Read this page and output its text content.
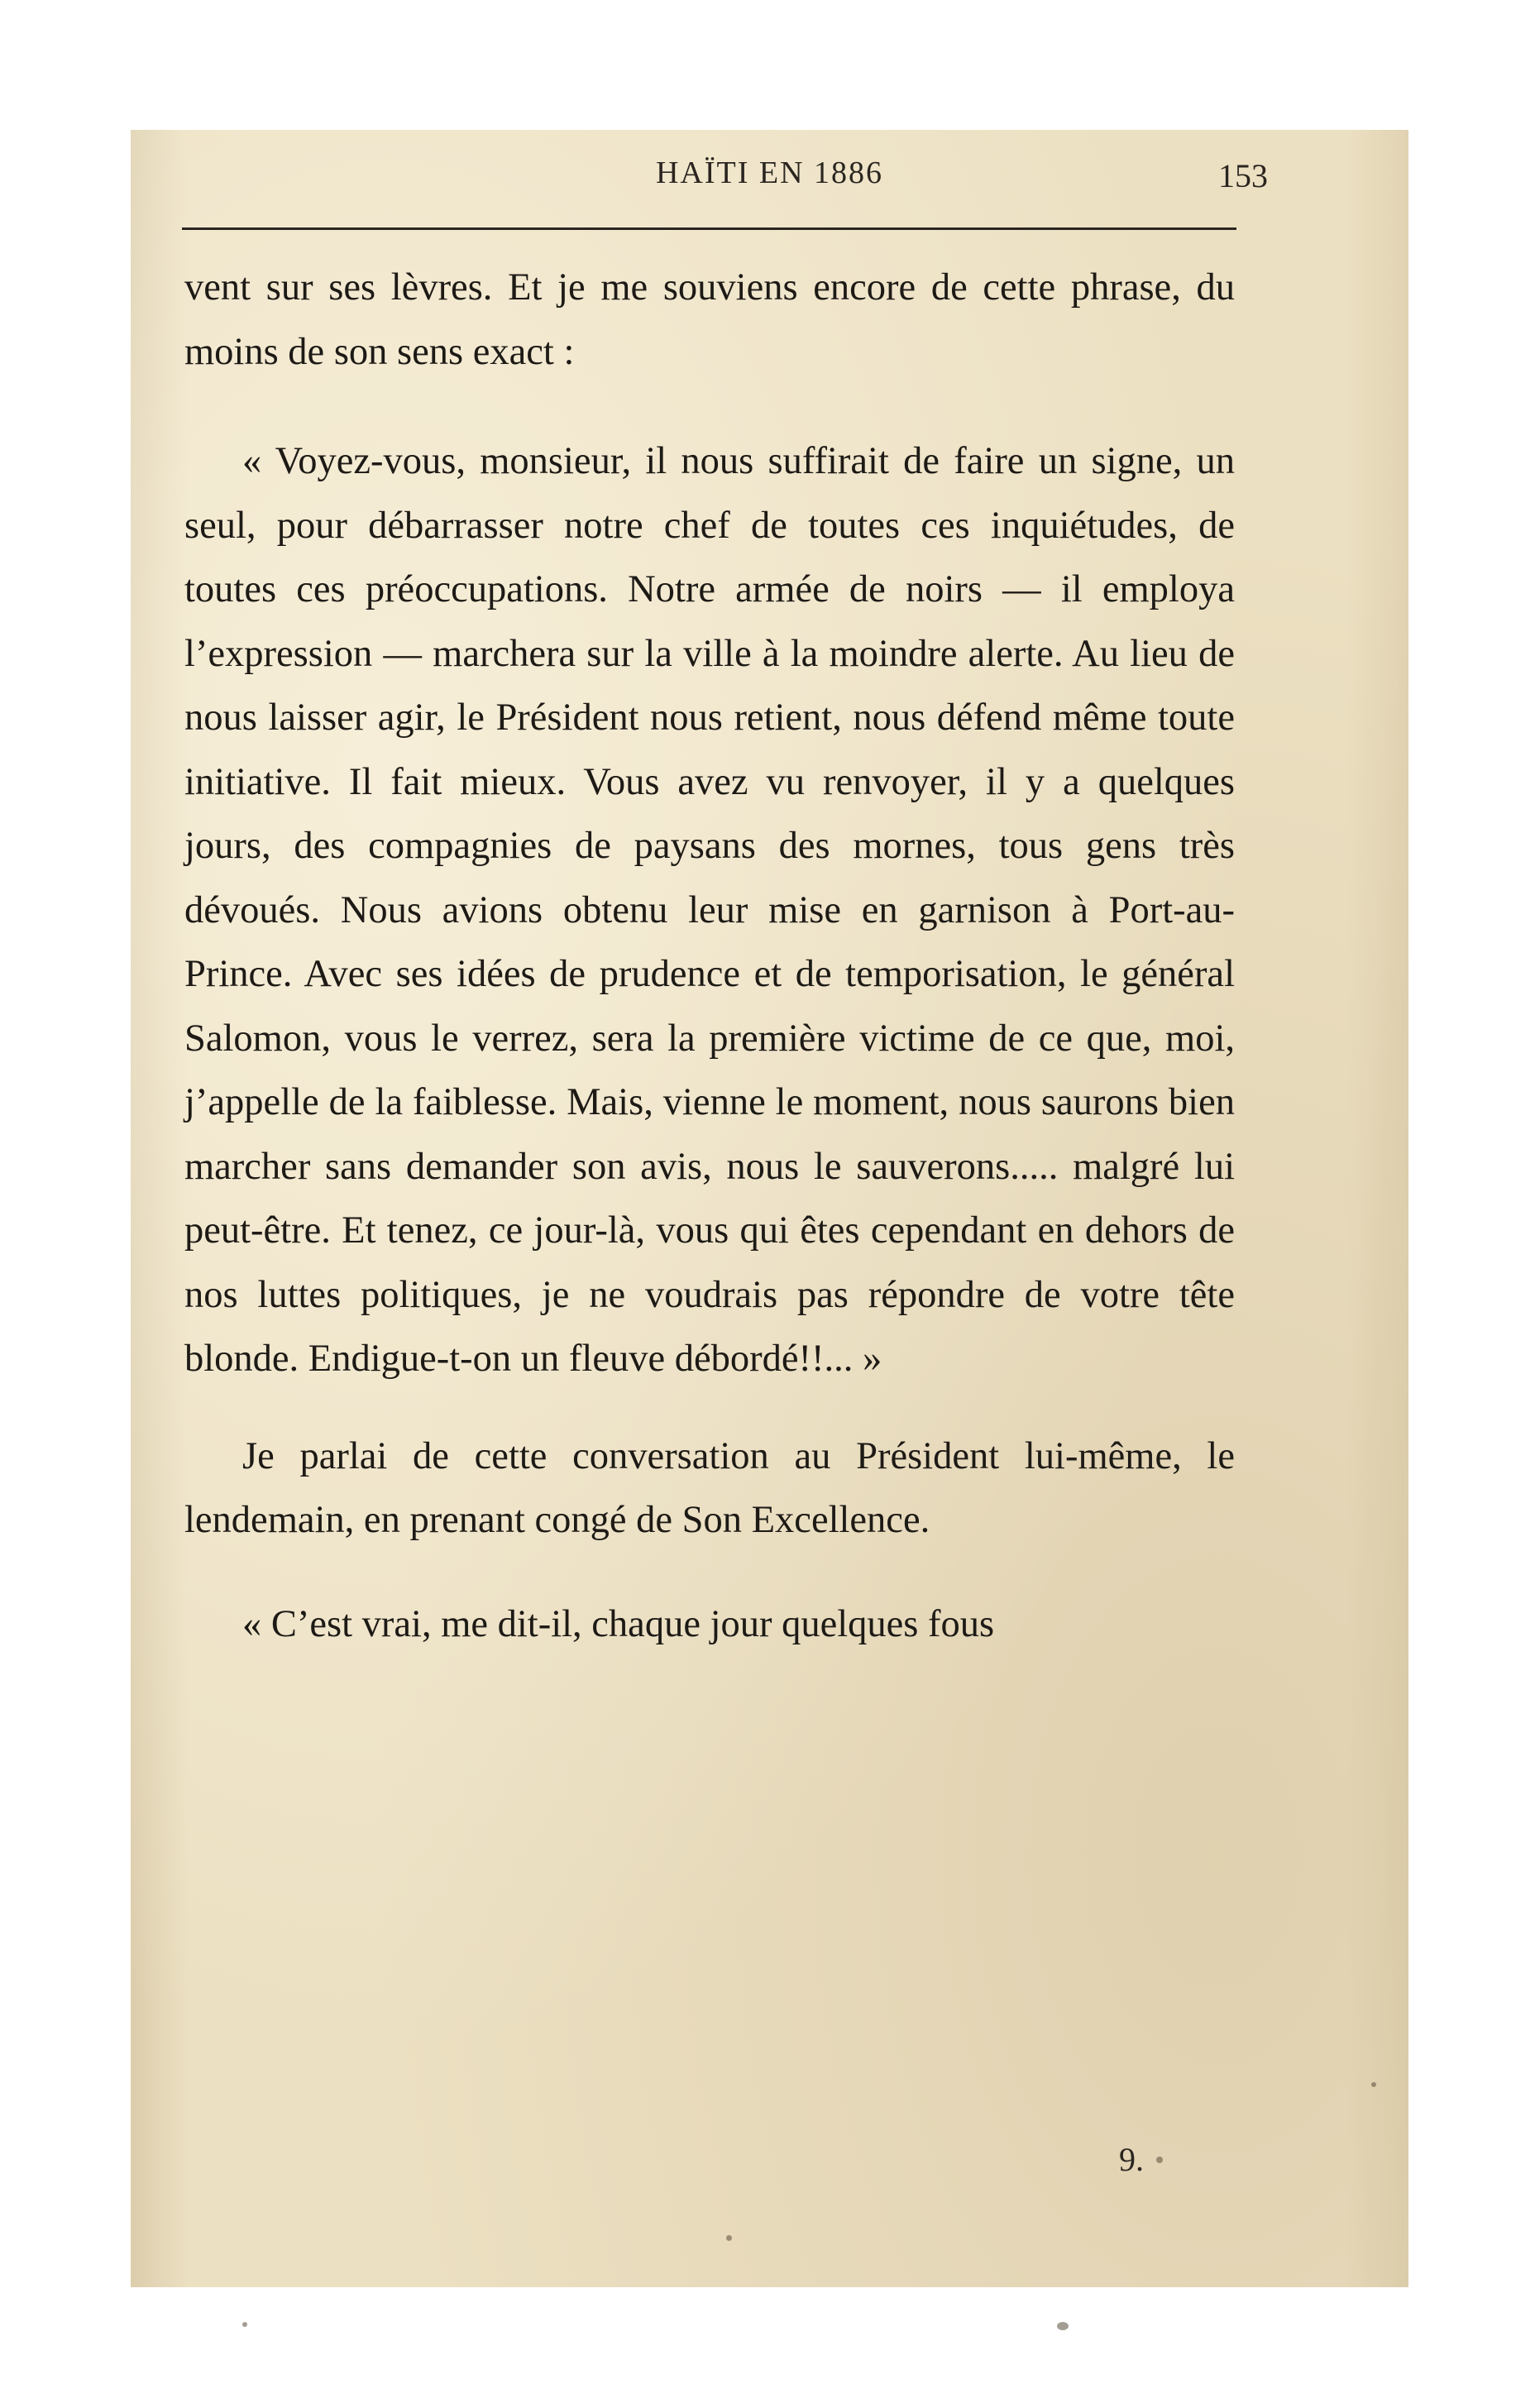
HAÏTI EN 1886	153

vent sur ses lèvres. Et je me souviens encore de cette phrase, du moins de son sens exact :

« Voyez-vous, monsieur, il nous suffirait de faire un signe, un seul, pour débarrasser notre chef de toutes ces inquiétudes, de toutes ces préoccupations. Notre armée de noirs — il employa l’expression — marchera sur la ville à la moindre alerte. Au lieu de nous laisser agir, le Président nous retient, nous défend même toute initiative. Il fait mieux. Vous avez vu renvoyer, il y a quelques jours, des compagnies de paysans des mornes, tous gens très dévoués. Nous avions obtenu leur mise en garnison à Port-au-Prince. Avec ses idées de prudence et de temporisation, le général Salomon, vous le verrez, sera la première victime de ce que, moi, j’appelle de la faiblesse. Mais, vienne le moment, nous saurons bien marcher sans demander son avis, nous le sauverons..... malgré lui peut-être. Et tenez, ce jour-là, vous qui êtes cependant en dehors de nos luttes politiques, je ne voudrais pas répondre de votre tête blonde. Endigue-t-on un fleuve débordé!!... »

Je parlai de cette conversation au Président lui-même, le lendemain, en prenant congé de Son Excellence.

« C’est vrai, me dit-il, chaque jour quelques fous

9.
